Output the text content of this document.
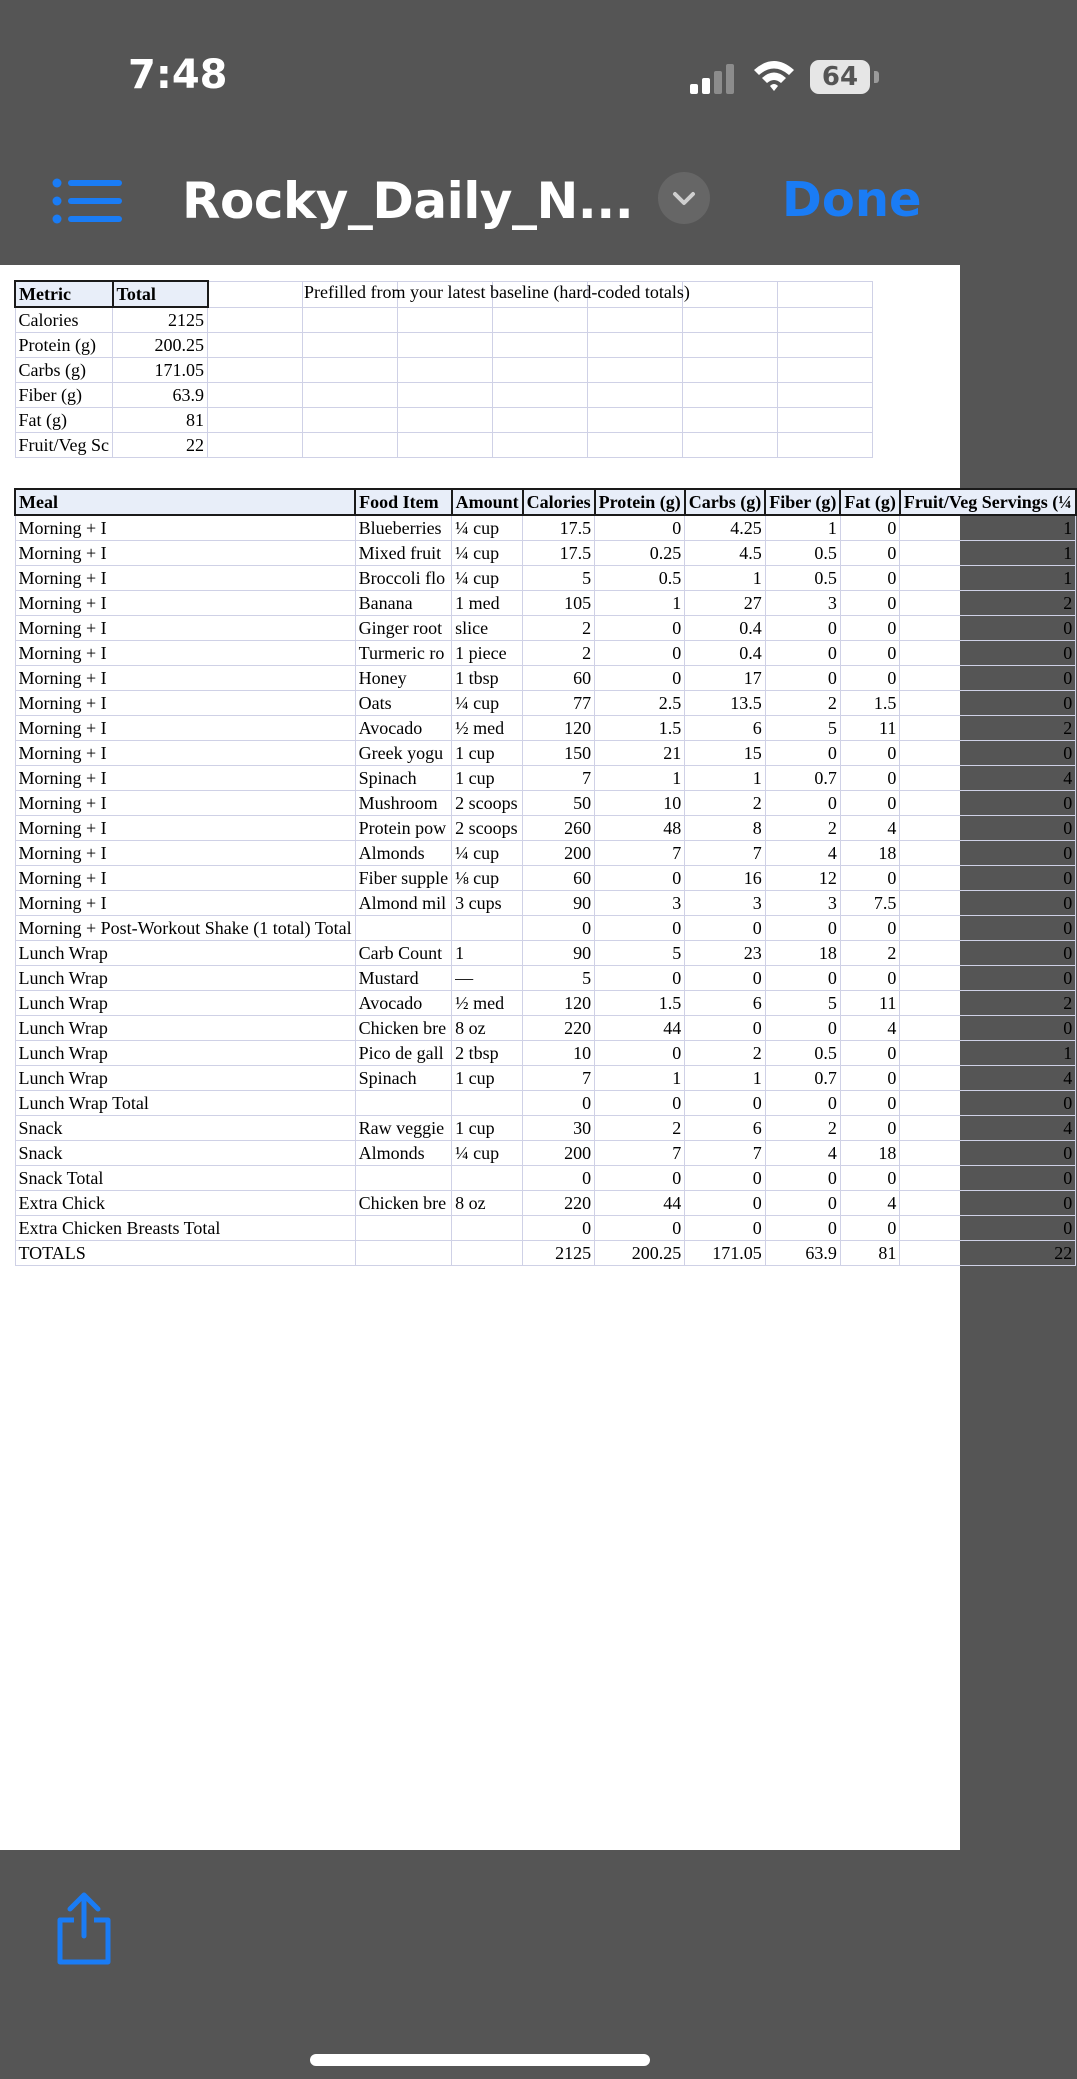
7:48	64
Rocky_Daily_N...	Done
Metric	Total							
Calories	2125							
Protein (g)	200.25							
Carbs (g)	171.05							
Fiber (g)	63.9							
Fat (g)	81							
Fruit/Veg Sc	22							
Prefilled from your latest baseline (hard-coded totals)
Meal	Food Item	Amount	Calories	Protein (g)	Carbs (g)	Fiber (g)	Fat (g)	Fruit/Veg Servings (¼
Morning + I	Blueberries	¼ cup	17.5	0	4.25	1	0	1
Morning + I	Mixed fruit	¼ cup	17.5	0.25	4.5	0.5	0	1
Morning + I	Broccoli flo	¼ cup	5	0.5	1	0.5	0	1
Morning + I	Banana	1 med	105	1	27	3	0	2
Morning + I	Ginger root	slice	2	0	0.4	0	0	0
Morning + I	Turmeric ro	1 piece	2	0	0.4	0	0	0
Morning + I	Honey	1 tbsp	60	0	17	0	0	0
Morning + I	Oats	¼ cup	77	2.5	13.5	2	1.5	0
Morning + I	Avocado	½ med	120	1.5	6	5	11	2
Morning + I	Greek yogu	1 cup	150	21	15	0	0	0
Morning + I	Spinach	1 cup	7	1	1	0.7	0	4
Morning + I	Mushroom	2 scoops	50	10	2	0	0	0
Morning + I	Protein pow	2 scoops	260	48	8	2	4	0
Morning + I	Almonds	¼ cup	200	7	7	4	18	0
Morning + I	Fiber supple	⅛ cup	60	0	16	12	0	0
Morning + I	Almond mil	3 cups	90	3	3	3	7.5	0
Morning + Post-Workout Shake (1 total) Total			0	0	0	0	0	0
Lunch Wrap	Carb Count	1	90	5	23	18	2	0
Lunch Wrap	Mustard	—	5	0	0	0	0	0
Lunch Wrap	Avocado	½ med	120	1.5	6	5	11	2
Lunch Wrap	Chicken bre	8 oz	220	44	0	0	4	0
Lunch Wrap	Pico de gall	2 tbsp	10	0	2	0.5	0	1
Lunch Wrap	Spinach	1 cup	7	1	1	0.7	0	4
Lunch Wrap Total			0	0	0	0	0	0
Snack	Raw veggie	1 cup	30	2	6	2	0	4
Snack	Almonds	¼ cup	200	7	7	4	18	0
Snack Total			0	0	0	0	0	0
Extra Chick	Chicken bre	8 oz	220	44	0	0	4	0
Extra Chicken Breasts Total			0	0	0	0	0	0
TOTALS			2125	200.25	171.05	63.9	81	22
